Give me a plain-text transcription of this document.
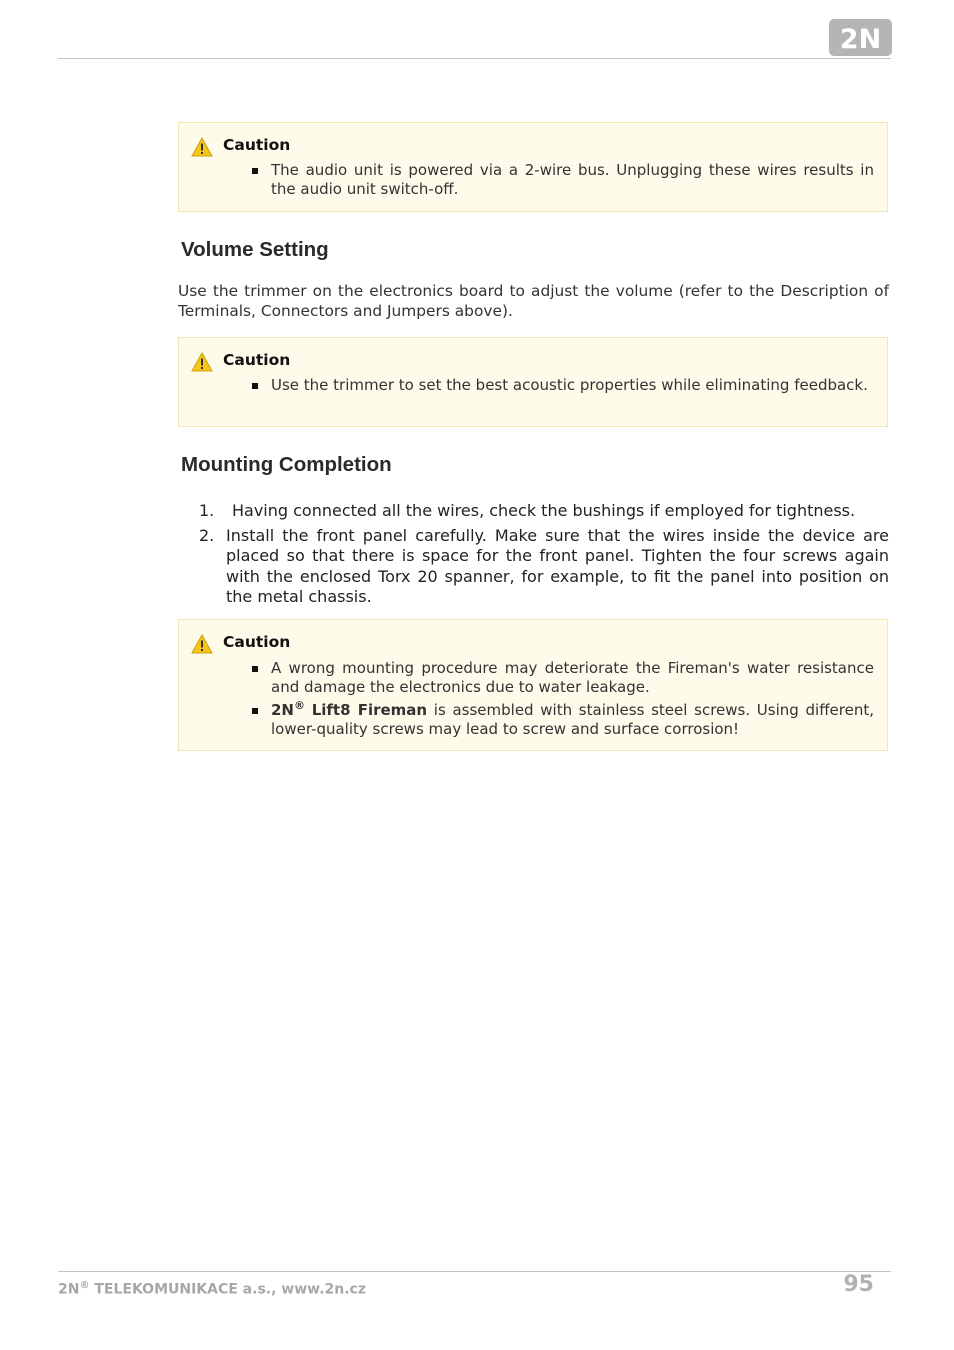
2N
Caution
The audio unit is powered via a 2-wire bus. Unplugging these wires results in the audio unit switch-off.
Volume Setting

Use the trimmer on the electronics board to adjust the volume (refer to the Description of Terminals, Connectors and Jumpers above).

Caution
Use the trimmer to set the best acoustic properties while eliminating feedback.
Mounting Completion
1. Having connected all the wires, check the bushings if employed for tightness.
2. Install the front panel carefully. Make sure that the wires inside the device are placed so that there is space for the front panel. Tighten the four screws again with the enclosed Torx 20 spanner, for example, to fit the panel into position on the metal chassis.
Caution
A wrong mounting procedure may deteriorate the Fireman's water resistance and damage the electronics due to water leakage.
2N® Lift8 Fireman is assembled with stainless steel screws. Using different, lower-quality screws may lead to screw and surface corrosion!
2N® TELEKOMUNIKACE a.s., www.2n.cz	95
